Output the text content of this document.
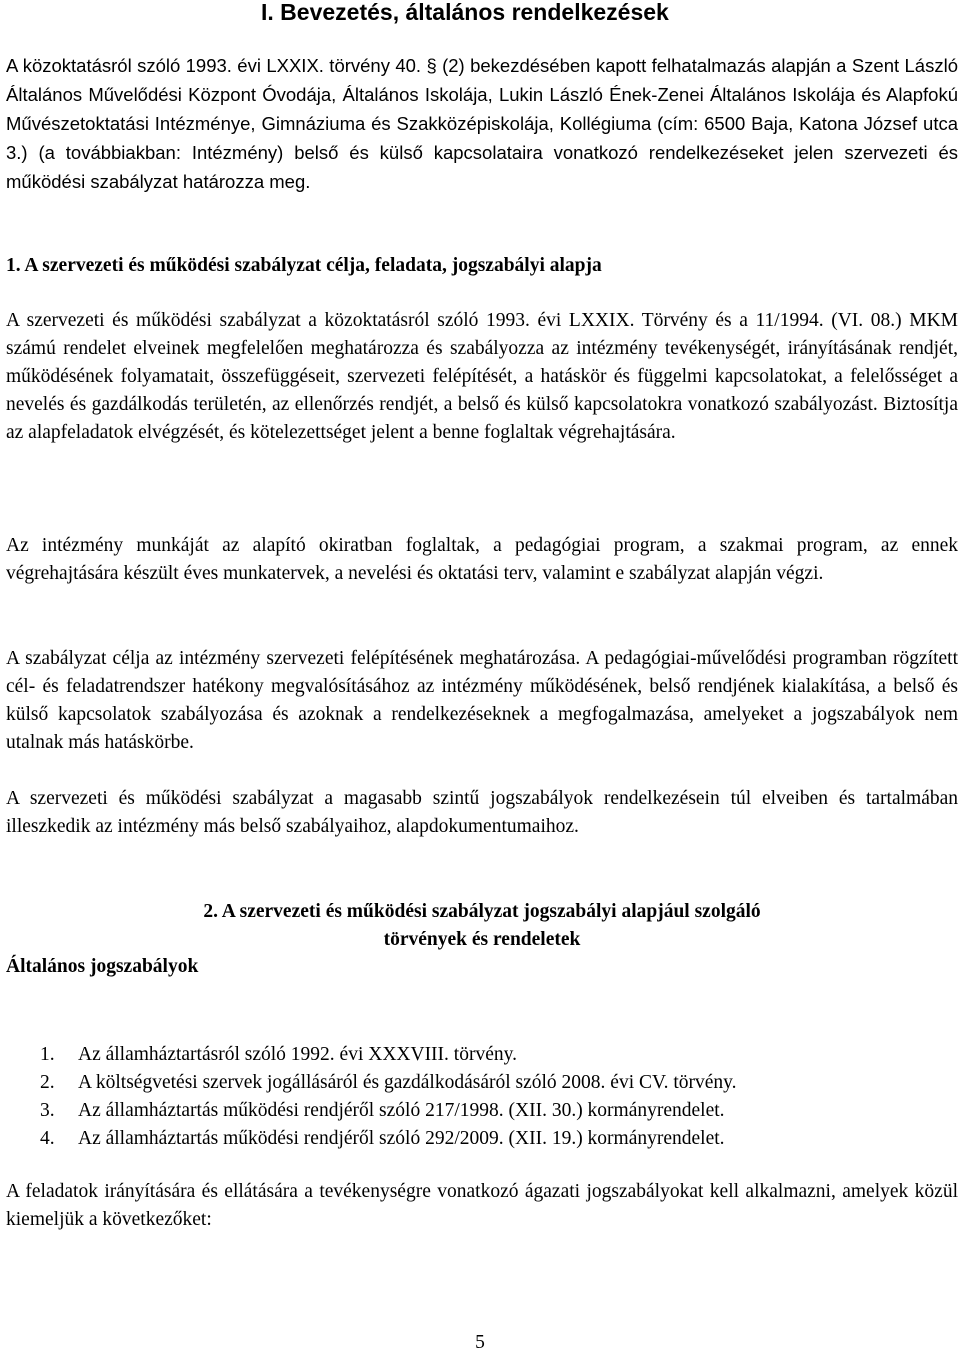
I. Bevezetés, általános rendelkezések

A közoktatásról szóló 1993. évi LXXIX. törvény 40. § (2) bekezdésében kapott felhatalmazás alapján a Szent László Általános Művelődési Központ Óvodája, Általános Iskolája, Lukin László Ének-Zenei Általános Iskolája és Alapfokú Művészetoktatási Intézménye, Gimnáziuma és Szakközépiskolája, Kollégiuma (cím: 6500 Baja, Katona József utca 3.) (a továbbiakban: Intézmény) belső és külső kapcsolataira vonatkozó rendelkezéseket jelen szervezeti és működési szabályzat határozza meg.

1. A szervezeti és működési szabályzat célja, feladata, jogszabályi alapja

A szervezeti és működési szabályzat a közoktatásról szóló 1993. évi LXXIX. Törvény és a 11/1994. (VI. 08.) MKM számú rendelet elveinek megfelelően meghatározza és szabályozza az intézmény tevékenységét, irányításának rendjét, működésének folyamatait, összefüggéseit, szervezeti felépítését, a hatáskör és függelmi kapcsolatokat, a felelősséget a nevelés és gazdálkodás területén, az ellenőrzés rendjét, a belső és külső kapcsolatokra vonatkozó szabályozást. Biztosítja az alapfeladatok elvégzését, és kötelezettséget jelent a benne foglaltak végrehajtására.

Az intézmény munkáját az alapító okiratban foglaltak, a pedagógiai program, a szakmai program, az ennek végrehajtására készült éves munkatervek, a nevelési és oktatási terv, valamint e szabályzat alapján végzi.

A szabályzat célja az intézmény szervezeti felépítésének meghatározása. A pedagógiai-művelődési programban rögzített cél- és feladatrendszer hatékony megvalósításához az intézmény működésének, belső rendjének kialakítása, a belső és külső kapcsolatok szabályozása és azoknak a rendelkezéseknek a megfogalmazása, amelyeket a jogszabályok nem utalnak más hatáskörbe.

A szervezeti és működési szabályzat a magasabb szintű jogszabályok rendelkezésein túl elveiben és tartalmában illeszkedik az intézmény más belső szabályaihoz, alapdokumentumaihoz.

2. A szervezeti és működési szabályzat jogszabályi alapjául szolgáló
törvények és rendeletek

Általános jogszabályok

1.	Az államháztartásról szóló 1992. évi XXXVIII. törvény.
2.	A költségvetési szervek jogállásáról és gazdálkodásáról szóló 2008. évi CV. törvény.
3.	Az államháztartás működési rendjéről szóló 217/1998. (XII. 30.) kormányrendelet.
4.	Az államháztartás működési rendjéről szóló 292/2009. (XII. 19.) kormányrendelet.

A feladatok irányítására és ellátására a tevékenységre vonatkozó ágazati jogszabályokat kell alkalmazni, amelyek közül kiemeljük a következőket:

5
